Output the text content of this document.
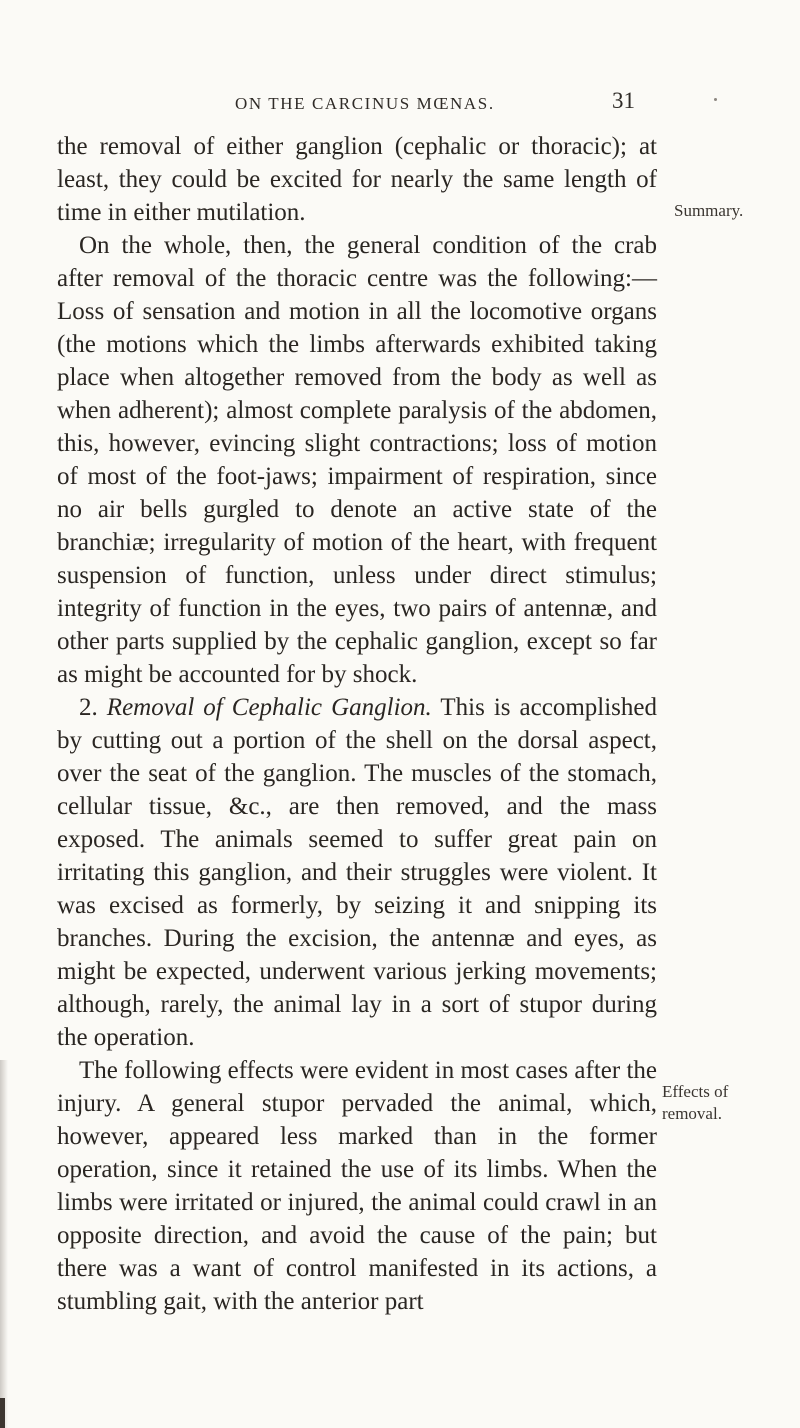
ON THE CARCINUS MŒNAS.	31

the removal of either ganglion (cephalic or thoracic); at least, they could be excited for nearly the same length of time in either mutilation.

On the whole, then, the general condition of the crab after removal of the thoracic centre was the following:—Loss of sensation and motion in all the locomotive organs (the motions which the limbs afterwards exhibited taking place when altogether removed from the body as well as when adherent); almost complete paralysis of the abdomen, this, however, evincing slight contractions; loss of motion of most of the foot-jaws; impairment of respiration, since no air bells gurgled to denote an active state of the branchiæ; irregularity of motion of the heart, with frequent suspension of function, unless under direct stimulus; integrity of function in the eyes, two pairs of antennæ, and other parts supplied by the cephalic ganglion, except so far as might be accounted for by shock.

2. Removal of Cephalic Ganglion. This is accomplished by cutting out a portion of the shell on the dorsal aspect, over the seat of the ganglion. The muscles of the stomach, cellular tissue, &c., are then removed, and the mass exposed. The animals seemed to suffer great pain on irritating this ganglion, and their struggles were violent. It was excised as formerly, by seizing it and snipping its branches. During the excision, the antennæ and eyes, as might be expected, underwent various jerking movements; although, rarely, the animal lay in a sort of stupor during the operation.

The following effects were evident in most cases after the injury. A general stupor pervaded the animal, which, however, appeared less marked than in the former operation, since it retained the use of its limbs. When the limbs were irritated or injured, the animal could crawl in an opposite direction, and avoid the cause of the pain; but there was a want of control manifested in its actions, a stumbling gait, with the anterior part

Summary.
Effects of
removal.
